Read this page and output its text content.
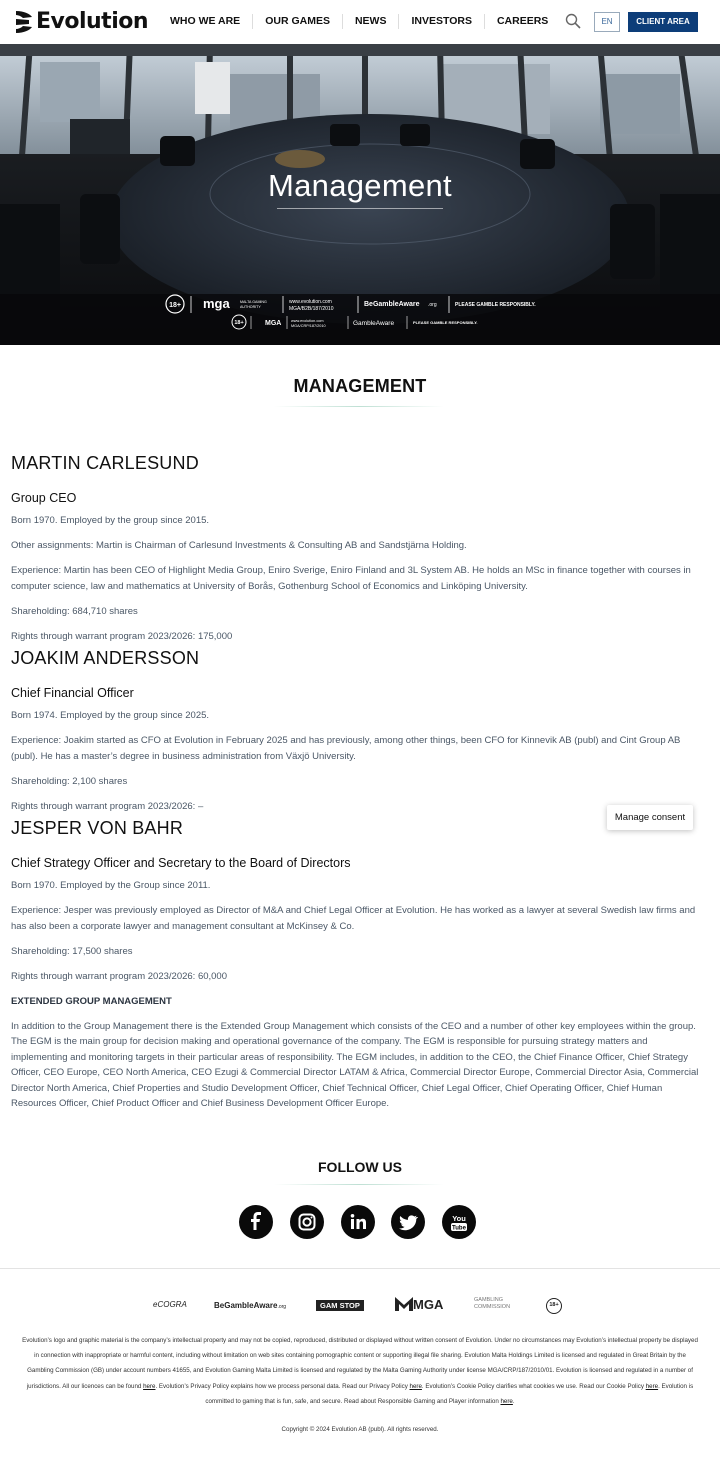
Evolution	WHO WE ARE	OUR GAMES	NEWS	INVESTORS	CAREERS	EN	CLIENT AREA
Management
18+ mga	MALTA GAMING
AUTHORITY
www.evolution.com
MGA/B2B/187/2010
BeGambleAware .org	PLEASE GAMBLE RESPONSIBLY.
18+	MGA	www.evolution.com
MGA/CRP/187/2010	GambleAware	PLEASE GAMBLE RESPONSIBLY.
MANAGEMENT
MARTIN CARLESUND
Group CEO

Born 1970. Employed by the group since 2015.

Other assignments: Martin is Chairman of Carlesund Investments & Consulting AB and Sandstjärna Holding.

Experience: Martin has been CEO of Highlight Media Group, Eniro Sverige, Eniro Finland and 3L System AB. He holds an MSc in finance together with courses in computer science, law and mathematics at University of Borås, Gothenburg School of Economics and Linköping University.

Shareholding: 684,710 shares

Rights through warrant program 2023/2026: 175,000

JOAKIM ANDERSSON
Chief Financial Officer

Born 1974. Employed by the group since 2025.

Experience: Joakim started as CFO at Evolution in February 2025 and has previously, among other things, been CFO for Kinnevik AB (publ) and Cint Group AB (publ). He has a master’s degree in business administration from Växjö University.

Shareholding: 2,100 shares

Rights through warrant program 2023/2026: –

JESPER VON BAHR
Chief Strategy Officer and Secretary to the Board of Directors

Born 1970. Employed by the Group since 2011.

Experience: Jesper was previously employed as Director of M&A and Chief Legal Officer at Evolution. He has worked as a lawyer at several Swedish law firms and has also been a corporate lawyer and management consultant at McKinsey & Co.

Shareholding: 17,500 shares

Rights through warrant program 2023/2026: 60,000

EXTENDED GROUP MANAGEMENT

In addition to the Group Management there is the Extended Group Management which consists of the CEO and a number of other key employees within the group. The EGM is the main group for decision making and operational governance of the company. The EGM is responsible for pursuing strategy matters and implementing and monitoring targets in their particular areas of responsibility. The EGM includes, in addition to the CEO, the Chief Finance Officer, Chief Strategy Officer, CEO Europe, CEO North America, CEO Ezugi & Commercial Director LATAM & Africa, Commercial Director Europe, Commercial Director Asia, Commercial Director North America, Chief Properties and Studio Development Officer, Chief Technical Officer, Chief Legal Officer, Chief Operating Officer, Chief Human Resources Officer, Chief Product Officer and Chief Business Development Officer Europe.

Manage consent
FOLLOW US
You
Tube
eCOGRA	BeGambleAware.org	GAM STOP	MGA	GAMBLING
COMMISSION	18+
Evolution’s logo and graphic material is the company’s intellectual property and may not be copied, reproduced, distributed or displayed without written consent of Evolution. Under no circumstances may Evolution’s intellectual property be displayed in connection with inappropriate or harmful content, including without limitation on web sites containing pornographic content or supporting illegal file sharing. Evolution Malta Holdings Limited is licensed and regulated in Great Britain by the Gambling Commission (GB) under account numbers 41655, and Evolution Gaming Malta Limited is licensed and regulated by the Malta Gaming Authority under license MGA/CRP/187/2010/01. Evolution is licensed and regulated in a number of jurisdictions. All our licences can be found here. Evolution’s Privacy Policy explains how we process personal data. Read our Privacy Policy here. Evolution’s Cookie Policy clarifies what cookies we use. Read our Cookie Policy here. Evolution is committed to gaming that is fun, safe, and secure. Read about Responsible Gaming and Player information here.
Copyright © 2024 Evolution AB (publ). All rights reserved.
